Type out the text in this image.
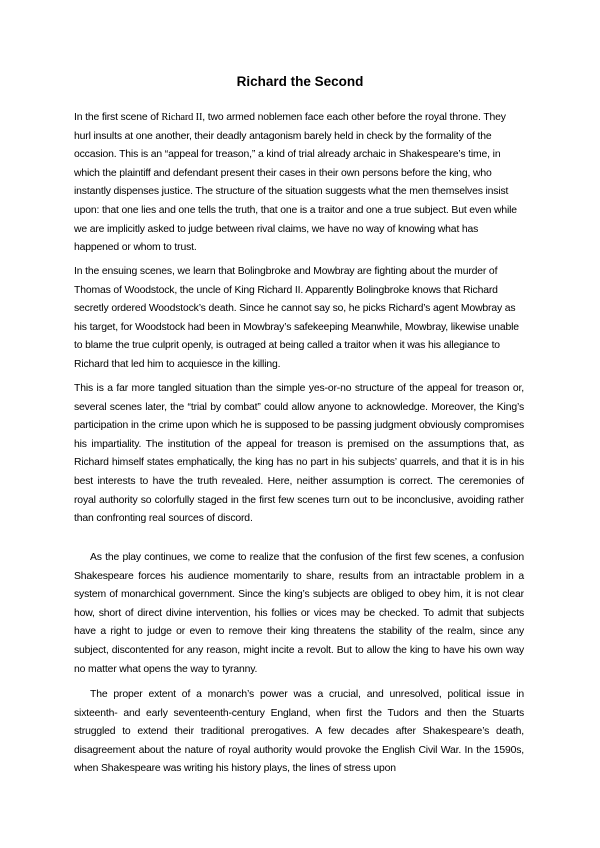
Richard the Second

In the first scene of Richard II, two armed noblemen face each other before the royal throne. They hurl insults at one another, their deadly antagonism barely held in check by the formality of the occasion. This is an “appeal for treason,” a kind of trial already archaic in Shakespeare’s time, in which the plaintiff and defendant present their cases in their own persons before the king, who instantly dispenses justice. The structure of the situation suggests what the men themselves insist upon: that one lies and one tells the truth, that one is a traitor and one a true subject. But even while we are implicitly asked to judge between rival claims, we have no way of knowing what has happened or whom to trust.

In the ensuing scenes, we learn that Bolingbroke and Mowbray are fighting about the murder of Thomas of Woodstock, the uncle of King Richard II. Apparently Bolingbroke knows that Richard secretly ordered Woodstock’s death. Since he cannot say so, he picks Richard’s agent Mowbray as his target, for Woodstock had been in Mowbray’s safekeeping Meanwhile, Mowbray, likewise unable to blame the true culprit openly, is outraged at being called a traitor when it was his allegiance to Richard that led him to acquiesce in the killing.

This is a far more tangled situation than the simple yes-or-no structure of the appeal for treason or, several scenes later, the “trial by combat” could allow anyone to acknowledge. Moreover, the King’s participation in the crime upon which he is supposed to be passing judgment obviously compromises his impartiality. The institution of the appeal for treason is premised on the assumptions that, as Richard himself states emphatically, the king has no part in his subjects’ quarrels, and that it is in his best interests to have the truth revealed. Here, neither assumption is correct. The ceremonies of royal authority so colorfully staged in the first few scenes turn out to be inconclusive, avoiding rather than confronting real sources of discord.

As the play continues, we come to realize that the confusion of the first few scenes, a confusion Shakespeare forces his audience momentarily to share, results from an intractable problem in a system of monarchical government. Since the king’s subjects are obliged to obey him, it is not clear how, short of direct divine intervention, his follies or vices may be checked. To admit that subjects have a right to judge or even to remove their king threatens the stability of the realm, since any subject, discontented for any reason, might incite a revolt. But to allow the king to have his own way no matter what opens the way to tyranny.

The proper extent of a monarch’s power was a crucial, and unresolved, political issue in sixteenth- and early seventeenth-century England, when first the Tudors and then the Stuarts struggled to extend their traditional prerogatives. A few decades after Shakespeare’s death, disagreement about the nature of royal authority would provoke the English Civil War. In the 1590s, when Shakespeare was writing his history plays, the lines of stress upon
